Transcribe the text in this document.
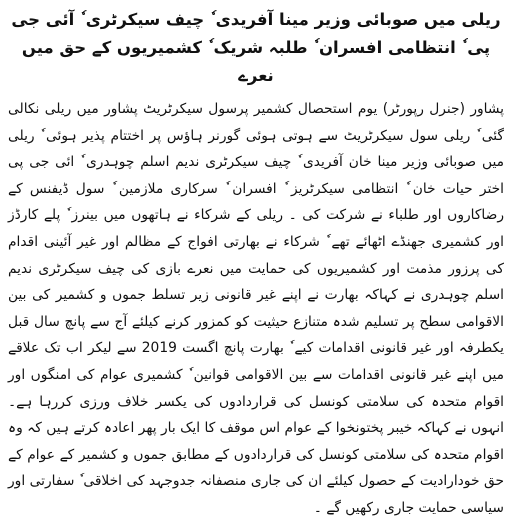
ریلی میں صوبائی وزیر مینا آفریدی ٗ چیف سیکرٹری ٗ آئی جی پی ٗ انتظامی افسران ٗ طلبہ شریک ٗ کشمیریوں کے حق میں نعرے

پشاور (جنرل رپورٹر) یوم استحصال کشمیر پرسول سیکرٹریٹ پشاور میں ریلی نکالی گئی ٗ ریلی سول سیکرٹریٹ سے ہوتی ہوئی گورنر ہاؤس پر اختتام پذیر ہوئی ٗ ریلی میں صوبائی وزیر مینا خان آفریدی ٗ چیف سیکرٹری ندیم اسلم چوہدری ٗ ائی جی پی اختر حیات خان ٗ انتظامی سیکرٹریز ٗ افسران ٗ سرکاری ملازمین ٗ سول ڈیفنس کے رضاکاروں اور طلباء نے شرکت کی ۔ ریلی کے شرکاء نے ہاتھوں میں بینرز ٗ پلے کارڈز اور کشمیری جھنڈے اٹھائے تھے ٗ شرکاء نے بھارتی افواج کے مظالم اور غیر آئینی اقدام کی پرزور مذمت اور کشمیریوں کی حمایت میں نعرے بازی کی چیف سیکرٹری ندیم اسلم چوہدری نے کہاکہ بھارت نے اپنے غیر قانونی زیر تسلط جموں و کشمیر کی بین الاقوامی سطح پر تسلیم شدہ متنازع حیثیت کو کمزور کرنے کیلئے آج سے پانچ سال قبل یکطرفہ اور غیر قانونی اقدامات کیے ٗ بھارت پانچ اگست 2019 سے لیکر اب تک علاقے میں اپنے غیر قانونی اقدامات سے بین الاقوامی قوانین ٗ کشمیری عوام کی امنگوں اور اقوام متحدہ کی سلامتی کونسل کی قراردادوں کی یکسر خلاف ورزی کررہا ہے۔ انہوں نے کہاکہ خیبر پختونخوا کے عوام اس موقف کا ایک بار پھر اعادہ کرتے ہیں کہ وہ اقوام متحدہ کی سلامتی کونسل کی قراردادوں کے مطابق جموں و کشمیر کے عوام کے حق خودارادیت کے حصول کیلئے ان کی جاری منصفانہ جدوجہد کی اخلاقی ٗ سفارتی اور سیاسی حمایت جاری رکھیں گے ۔
